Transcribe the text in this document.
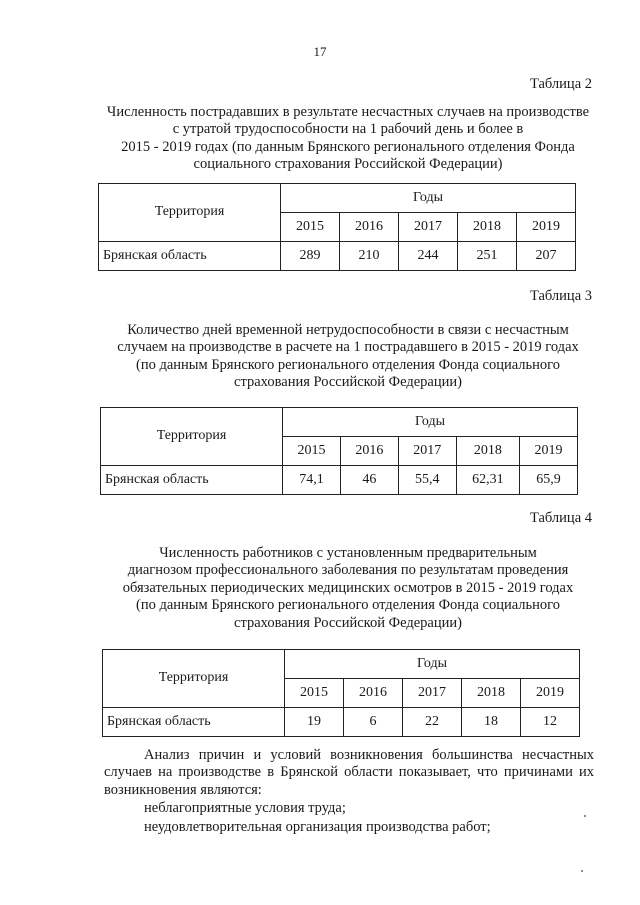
17
Таблица 2
Численность пострадавших в результате несчастных случаев на производстве
с утратой трудоспособности на 1 рабочий день и более в
2015 - 2019 годах (по данным Брянского регионального отделения Фонда
социального страхования Российской Федерации)
Территория	Годы				
	2015	2016	2017	2018	2019
Брянская область	289	210	244	251	207
Таблица 3
Количество дней временной нетрудоспособности в связи с несчастным
случаем на производстве в расчете на 1 пострадавшего в 2015 - 2019 годах
(по данным Брянского регионального отделения Фонда социального
страхования Российской Федерации)
Территория	Годы				
	2015	2016	2017	2018	2019
Брянская область	74,1	46	55,4	62,31	65,9
Таблица 4
Численность работников с установленным предварительным
диагнозом профессионального заболевания по результатам проведения
обязательных периодических медицинских осмотров в 2015 - 2019 годах
(по данным Брянского регионального отделения Фонда социального
страхования Российской Федерации)
Территория	Годы				
	2015	2016	2017	2018	2019
Брянская область	19	6	22	18	12
Анализ причин и условий возникновения большинства несчастных случаев на производстве в Брянской области показывает, что причинами их возникновения являются:
неблагоприятные условия труда;
неудовлетворительная организация производства работ;
